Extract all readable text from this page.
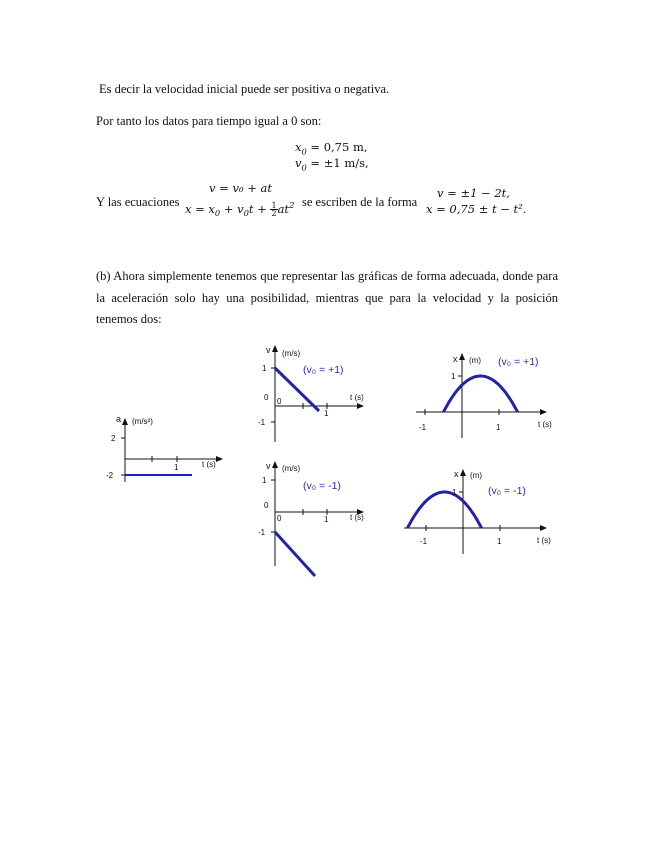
Es decir la velocidad inicial puede ser positiva o negativa.
Por tanto los datos para tiempo igual a 0 son:
$x_0 = 0,75$ m,
$v_0 = \pm 1$ m/s,
Y las ecuaciones
v = v₀ + at
$x = x_0 + v_0t + \frac{1}{2} at^2$ se escriben de la forma
v = ±1 − 2t,
x = 0,75 ± t − t².
(b) Ahora simplemente tenemos que representar las gráficas de forma adecuada, donde para la aceleración solo hay una posibilidad, mientras que para la velocidad y la posición tenemos dos:
a (m/s²)
2
-2
1	t (s)
v (m/s)
(v₀ = +1)
1
0
-1
0
1
t (s)
v (m/s)
(v₀ = -1)
1
0
-1
0	1	t (s)
x (m) (v₀ = +1)
1
-1	1	t (s)
x (m)
(v₀ = -1)
1
-1	1	t (s)
